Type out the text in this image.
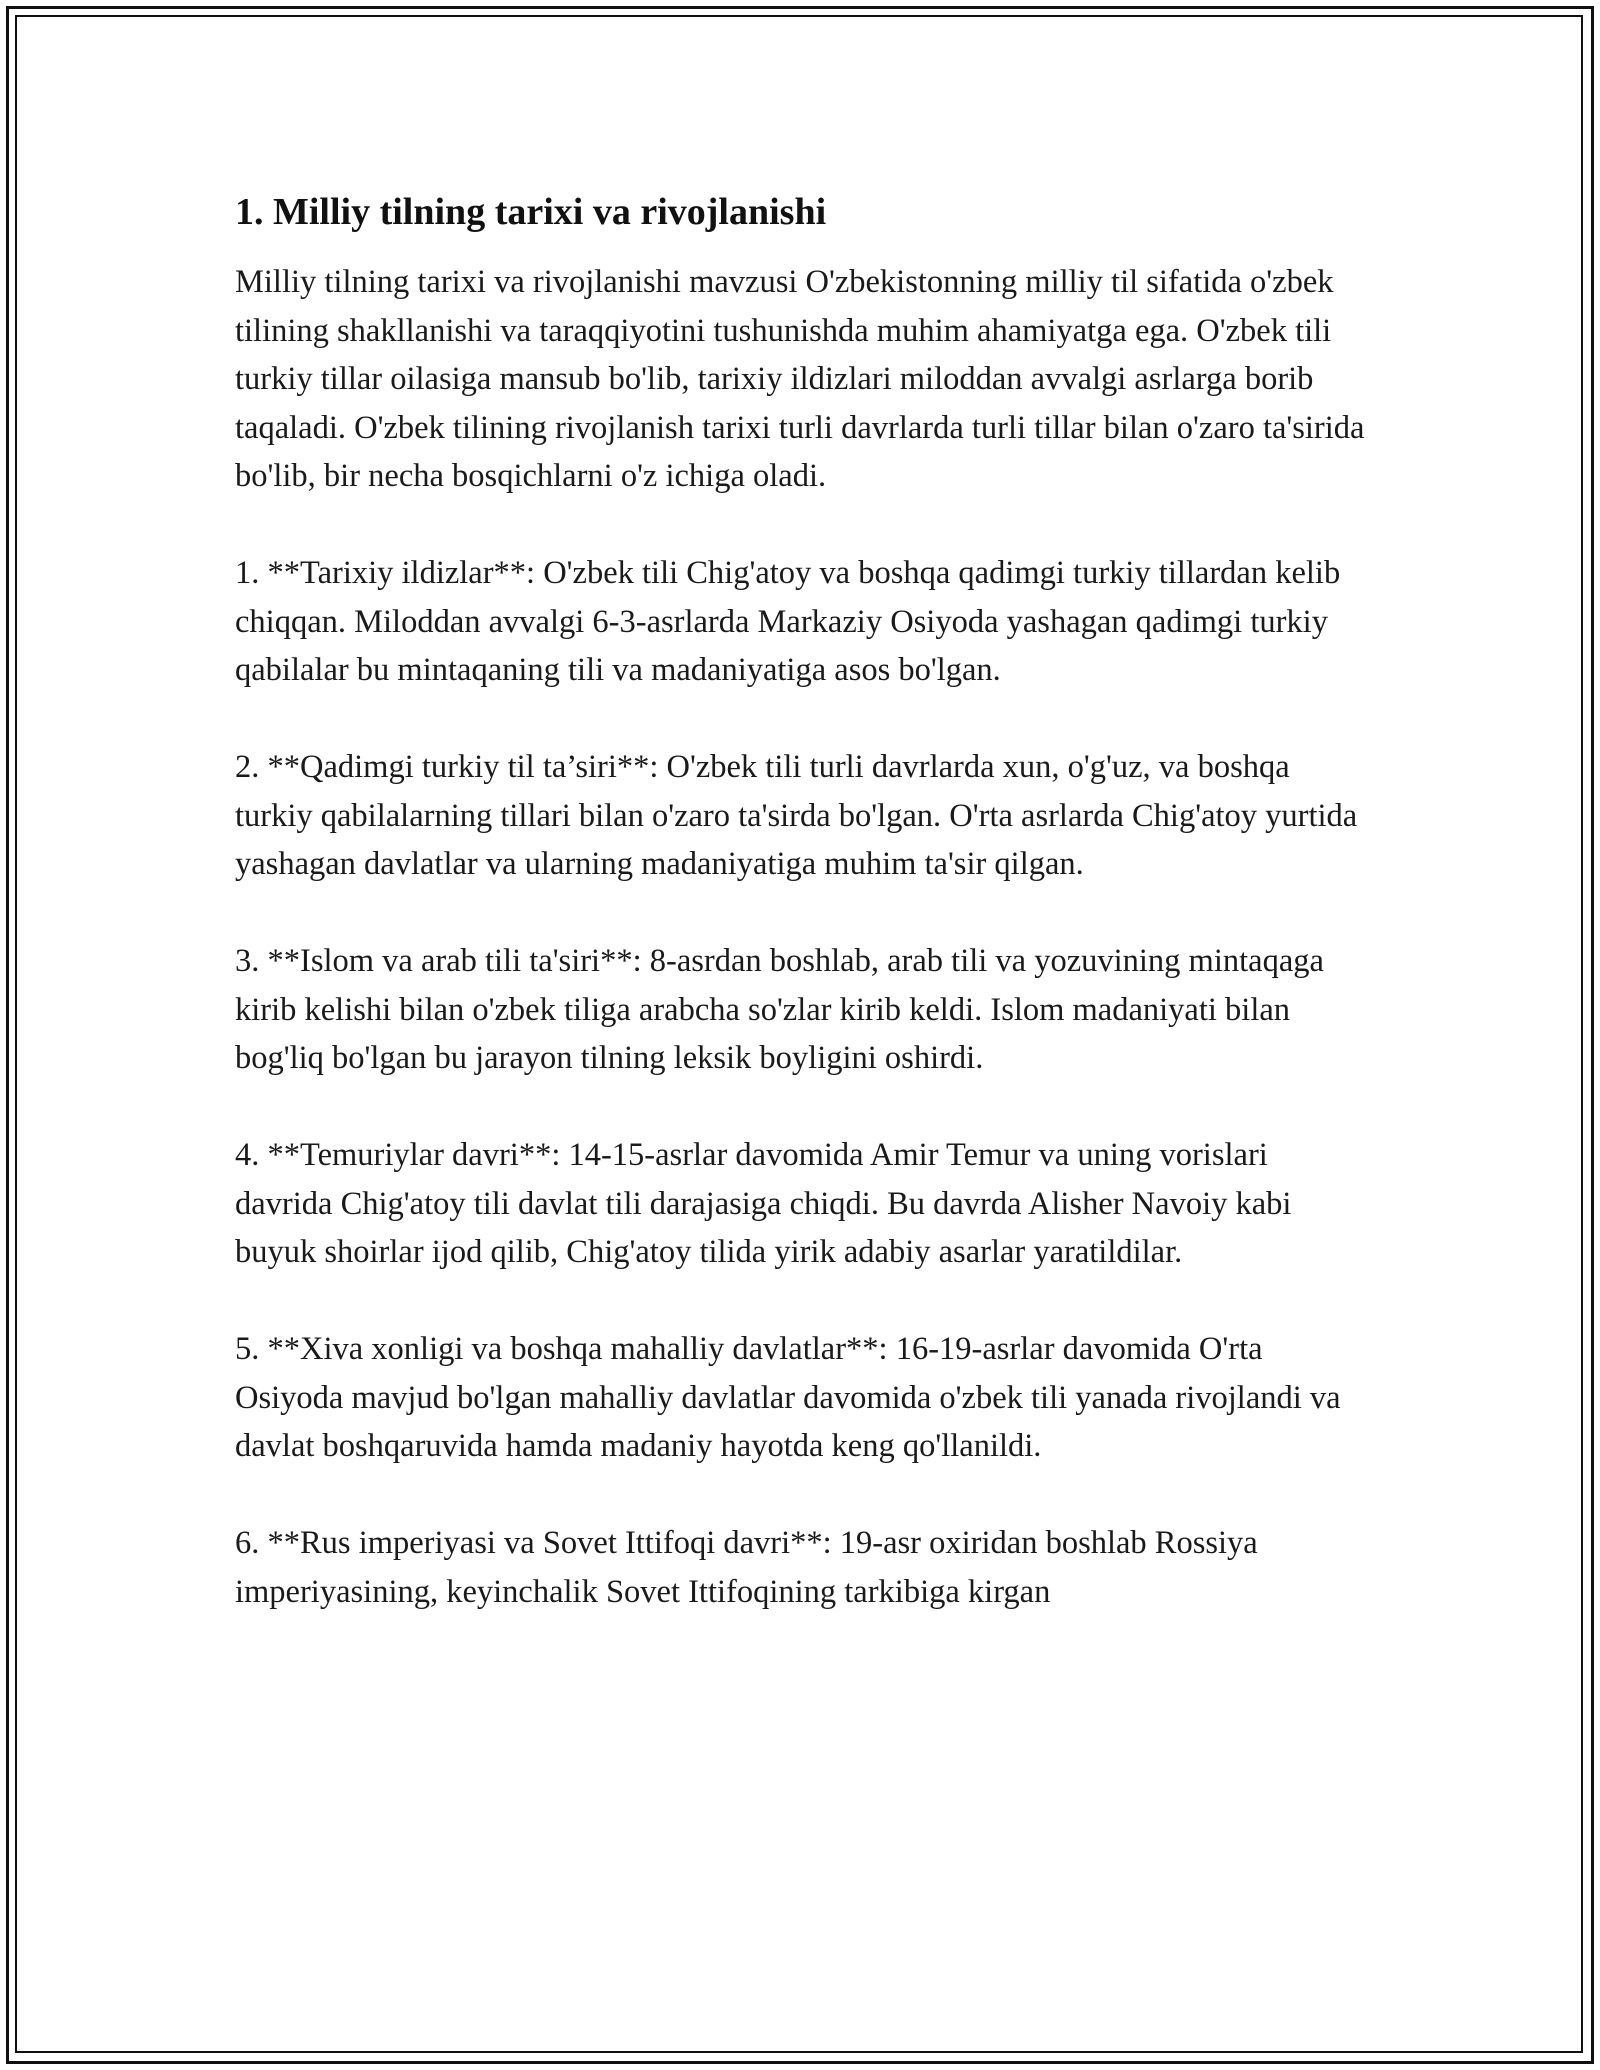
1. Milliy tilning tarixi va rivojlanishi

Milliy tilning tarixi va rivojlanishi mavzusi O'zbekistonning milliy til sifatida o'zbek tilining shakllanishi va taraqqiyotini tushunishda muhim ahamiyatga ega. O'zbek tili turkiy tillar oilasiga mansub bo'lib, tarixiy ildizlari miloddan avvalgi asrlarga borib taqaladi. O'zbek tilining rivojlanish tarixi turli davrlarda turli tillar bilan o'zaro ta'sirida bo'lib, bir necha bosqichlarni o'z ichiga oladi.

1. **Tarixiy ildizlar**: O'zbek tili Chig'atoy va boshqa qadimgi turkiy tillardan kelib chiqqan. Miloddan avvalgi 6-3-asrlarda Markaziy Osiyoda yashagan qadimgi turkiy qabilalar bu mintaqaning tili va madaniyatiga asos bo'lgan.

2. **Qadimgi turkiy til ta’siri**: O'zbek tili turli davrlarda xun, o'g'uz, va boshqa turkiy qabilalarning tillari bilan o'zaro ta'sirda bo'lgan. O'rta asrlarda Chig'atoy yurtida yashagan davlatlar va ularning madaniyatiga muhim ta'sir qilgan.

3. **Islom va arab tili ta'siri**: 8-asrdan boshlab, arab tili va yozuvining mintaqaga kirib kelishi bilan o'zbek tiliga arabcha so'zlar kirib keldi. Islom madaniyati bilan bog'liq bo'lgan bu jarayon tilning leksik boyligini oshirdi.

4. **Temuriylar davri**: 14-15-asrlar davomida Amir Temur va uning vorislari davrida Chig'atoy tili davlat tili darajasiga chiqdi. Bu davrda Alisher Navoiy kabi buyuk shoirlar ijod qilib, Chig'atoy tilida yirik adabiy asarlar yaratildilar.

5. **Xiva xonligi va boshqa mahalliy davlatlar**: 16-19-asrlar davomida O'rta Osiyoda mavjud bo'lgan mahalliy davlatlar davomida o'zbek tili yanada rivojlandi va davlat boshqaruvida hamda madaniy hayotda keng qo'llanildi.

6. **Rus imperiyasi va Sovet Ittifoqi davri**: 19-asr oxiridan boshlab Rossiya imperiyasining, keyinchalik Sovet Ittifoqining tarkibiga kirgan
